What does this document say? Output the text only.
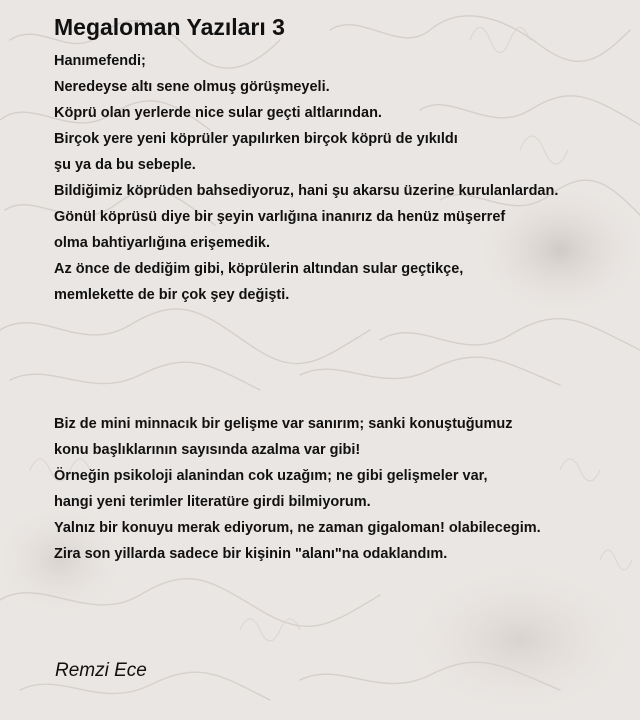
Megaloman Yazıları 3
Hanımefendi;
Neredeyse altı sene olmuş görüşmeyeli.
Köprü olan yerlerde nice sular geçti altlarından.
Birçok yere yeni köprüler yapılırken birçok köprü de yıkıldı
şu ya da bu sebeple.
Bildiğimiz köprüden bahsediyoruz, hani şu akarsu üzerine kurulanlardan.
Gönül köprüsü diye bir şeyin varlığına inanırız da henüz müşerref
olma bahtiyarlığına erişemedik.
Az önce de dediğim gibi, köprülerin altından sular geçtikçe,
memlekette de bir çok şey değişti.
Biz de mini minnacık bir gelişme var sanırım; sanki konuştuğumuz
konu başlıklarının sayısında azalma var gibi!
Örneğin psikoloji alanindan cok uzağım; ne gibi gelişmeler var,
hangi yeni terimler literatüre girdi bilmiyorum.
Yalnız bir konuyu merak ediyorum, ne zaman gigaloman! olabilecegim.
Zira son yillarda sadece bir kişinin "alanı"na odaklandım.

Remzi Ece
